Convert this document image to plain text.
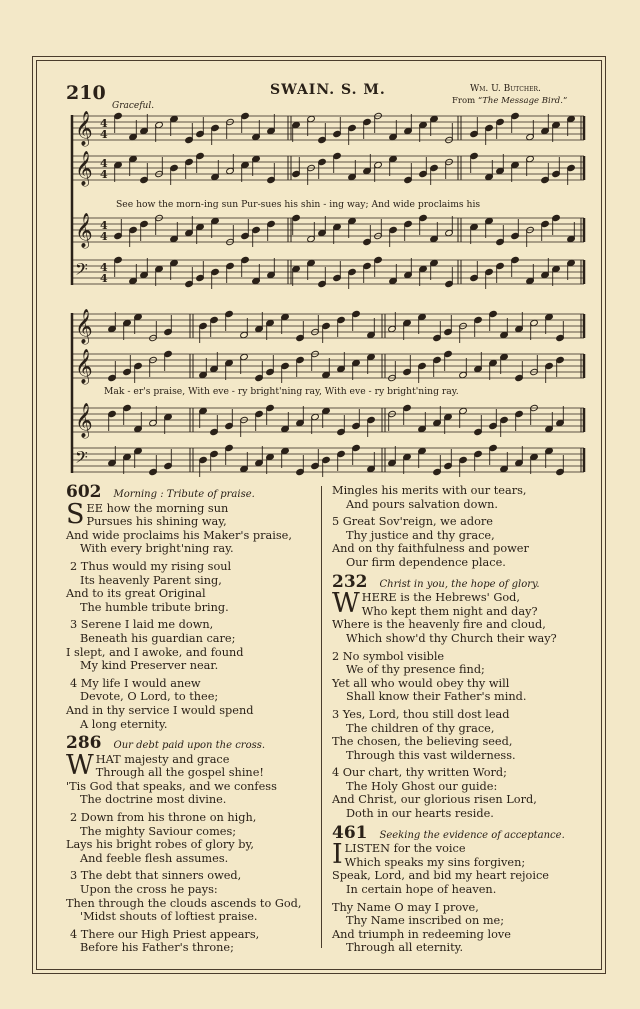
210	SWAIN. S. M.	Wm. U. Butcher.
From “The Message Bird.”
Graceful.
𝄞 4
4
𝄞 4
4
𝄞 4
4
𝄢 4
4
𝄞
𝄞
𝄞
𝄢
See how the morn-ing sun Pur-sues his shin - ing way; And wide proclaims his
Mak - er's praise, With eve - ry bright'ning ray, With eve - ry bright'ning ray.
602 Morning : Tribute of praise.
S EE how the morning sun
Pursues his shining way,
And wide proclaims his Maker's praise,
With every bright'ning ray.
2 Thus would my rising soul
Its heavenly Parent sing,
And to its great Original
The humble tribute bring.
3 Serene I laid me down,
Beneath his guardian care;
I slept, and I awoke, and found
My kind Preserver near.
4 My life I would anew
Devote, O Lord, to thee;
And in thy service I would spend
A long eternity.
286 Our debt paid upon the cross.
W HAT majesty and grace
Through all the gospel shine!
'Tis God that speaks, and we confess
The doctrine most divine.
2 Down from his throne on high,
The mighty Saviour comes;
Lays his bright robes of glory by,
And feeble flesh assumes.
3 The debt that sinners owed,
Upon the cross he pays:
Then through the clouds ascends to God,
'Midst shouts of loftiest praise.
4 There our High Priest appears,
Before his Father's throne;
Mingles his merits with our tears,
And pours salvation down.
5 Great Sov'reign, we adore
Thy justice and thy grace,
And on thy faithfulness and power
Our firm dependence place.
232 Christ in you, the hope of glory.
W HERE is the Hebrews' God,
Who kept them night and day?
Where is the heavenly fire and cloud,
Which show'd thy Church their way?
2 No symbol visible
We of thy presence find;
Yet all who would obey thy will
Shall know their Father's mind.
3 Yes, Lord, thou still dost lead
The children of thy grace,
The chosen, the believing seed,
Through this vast wilderness.
4 Our chart, thy written Word;
The Holy Ghost our guide:
And Christ, our glorious risen Lord,
Doth in our hearts reside.
461 Seeking the evidence of acceptance.
I LISTEN for the voice
Which speaks my sins forgiven;
Speak, Lord, and bid my heart rejoice
In certain hope of heaven.
Thy Name O may I prove,
Thy Name inscribed on me;
And triumph in redeeming love
Through all eternity.
